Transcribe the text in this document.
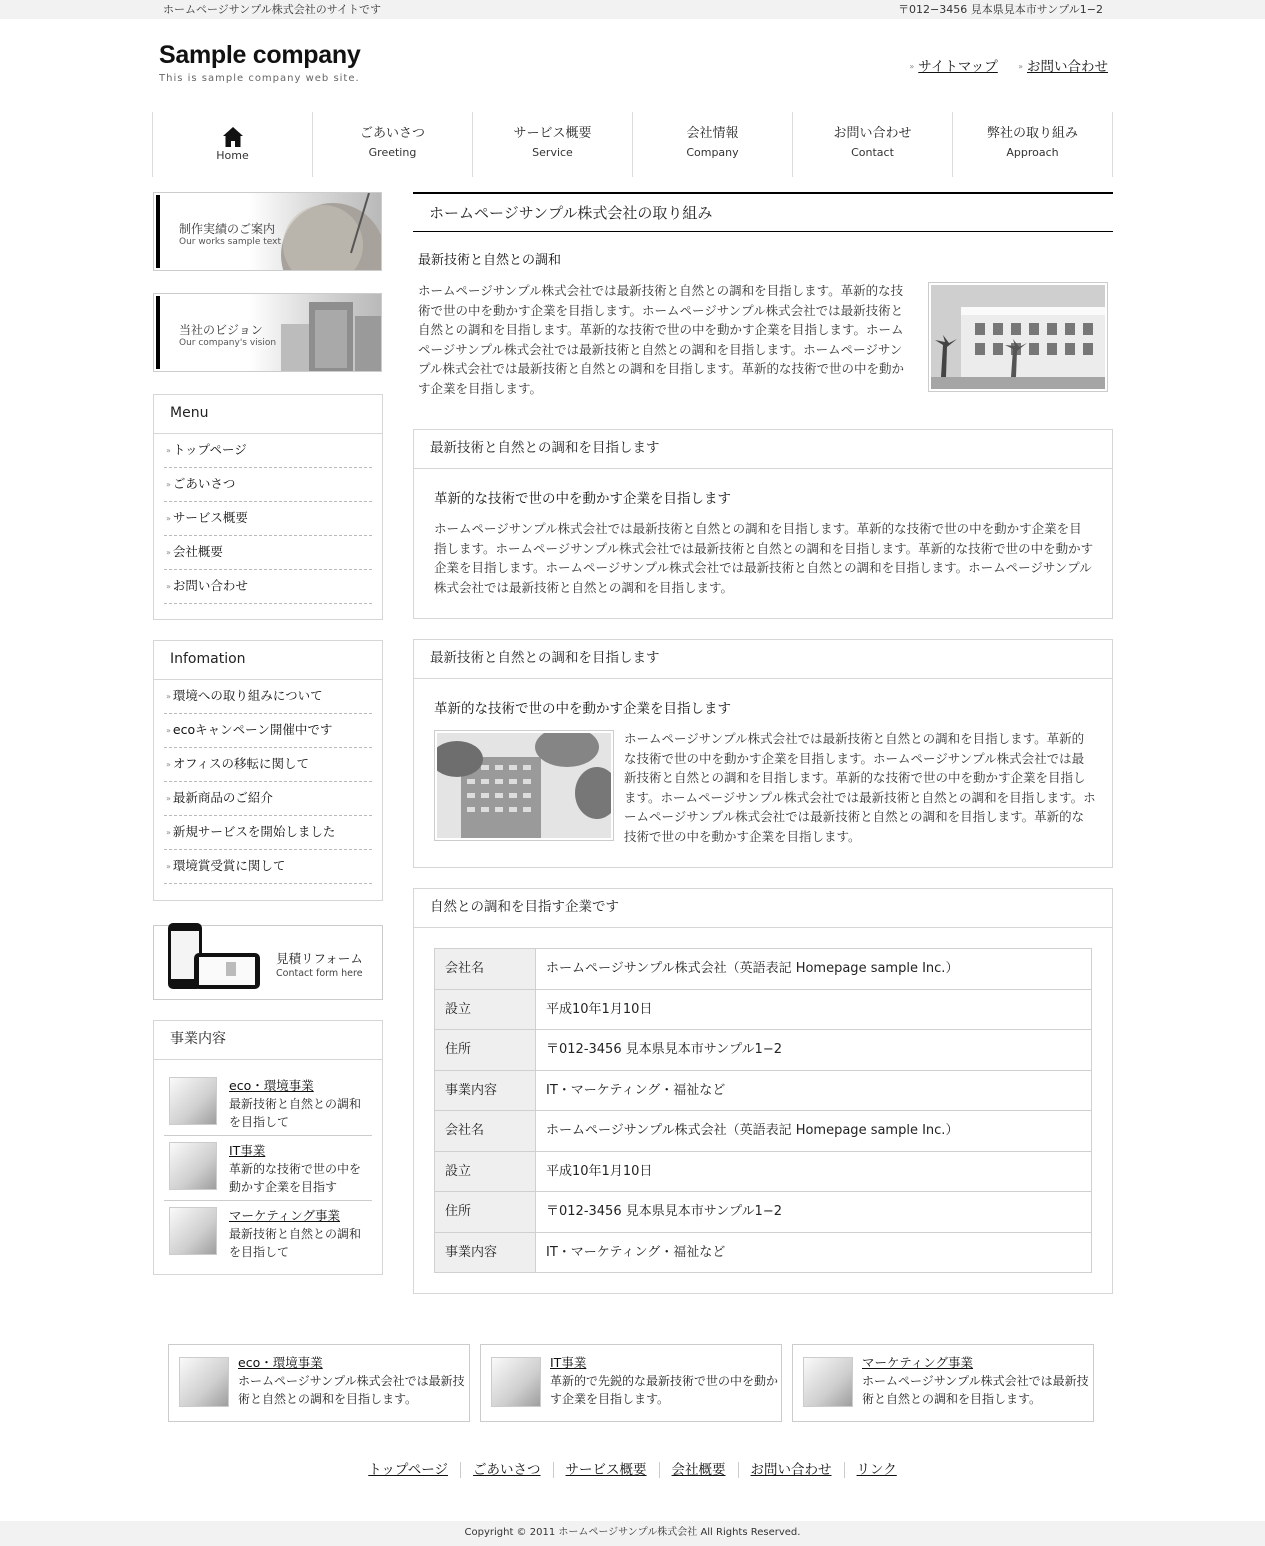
ホームページサンプル株式会社のサイトです	〒012−3456 見本県見本市サンプル1−2
Sample company
This is sample company web site.
» サイトマップ	» お問い合わせ
Home
ごあいさつ
Greeting
サービス概要
Service
会社情報
Company
お問い合わせ
Contact
弊社の取り組み
Approach
制作実績のご案内
Our works sample text
当社のビジョン
Our company's vision
Menu
» トップページ
» ごあいさつ
» サービス概要
» 会社概要
» お問い合わせ
Infomation
» 環境への取り組みについて
» ecoキャンペーン開催中です
» オフィスの移転に関して
» 最新商品のご紹介
» 新規サービスを開始しました
» 環境賞受賞に関して
見積リフォーム
Contact form here
事業内容
eco・環境事業
最新技術と自然との調和を目指して
IT事業
革新的な技術で世の中を動かす企業を目指す
マーケティング事業
最新技術と自然との調和を目指して
ホームページサンプル株式会社の取り組み
最新技術と自然との調和
ホームページサンプル株式会社では最新技術と自然との調和を目指します。革新的な技術で世の中を動かす企業を目指します。ホームページサンプル株式会社では最新技術と自然との調和を目指します。革新的な技術で世の中を動かす企業を目指します。ホームページサンプル株式会社では最新技術と自然との調和を目指します。ホームページサンプル株式会社では最新技術と自然との調和を目指します。革新的な技術で世の中を動かす企業を目指します。
最新技術と自然との調和を目指します
革新的な技術で世の中を動かす企業を目指します
ホームページサンプル株式会社では最新技術と自然との調和を目指します。革新的な技術で世の中を動かす企業を目指します。ホームページサンプル株式会社では最新技術と自然との調和を目指します。革新的な技術で世の中を動かす企業を目指します。ホームページサンプル株式会社では最新技術と自然との調和を目指します。ホームページサンプル株式会社では最新技術と自然との調和を目指します。
最新技術と自然との調和を目指します
革新的な技術で世の中を動かす企業を目指します
ホームページサンプル株式会社では最新技術と自然との調和を目指します。革新的な技術で世の中を動かす企業を目指します。ホームページサンプル株式会社では最新技術と自然との調和を目指します。革新的な技術で世の中を動かす企業を目指します。ホームページサンプル株式会社では最新技術と自然との調和を目指します。ホームページサンプル株式会社では最新技術と自然との調和を目指します。革新的な技術で世の中を動かす企業を目指します。
自然との調和を目指す企業です
会社名	ホームページサンプル株式会社（英語表記 Homepage sample Inc.）
設立	平成10年1月10日
住所	〒012-3456 見本県見本市サンプル1−2
事業内容	IT・マーケティング・福祉など
会社名	ホームページサンプル株式会社（英語表記 Homepage sample Inc.）
設立	平成10年1月10日
住所	〒012-3456 見本県見本市サンプル1−2
事業内容	IT・マーケティング・福祉など
eco・環境事業
ホームページサンプル株式会社では最新技術と自然との調和を目指します。
IT事業
革新的で先鋭的な最新技術で世の中を動かす企業を目指します。
マーケティング事業
ホームページサンプル株式会社では最新技術と自然との調和を目指します。
トップページ ごあいさつ サービス概要 会社概要 お問い合わせ リンク
Copyright © 2011 ホームページサンプル株式会社 All Rights Reserved.
